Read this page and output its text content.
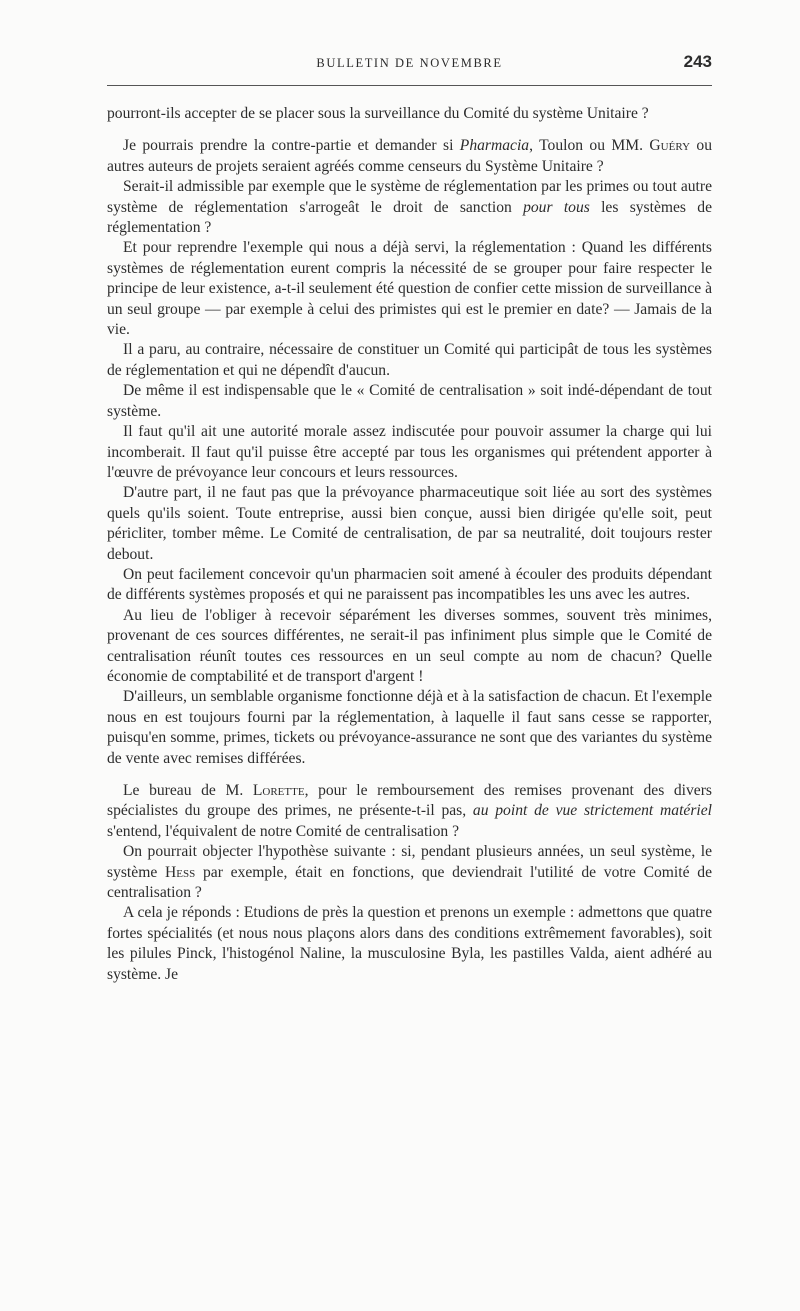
BULLETIN DE NOVEMBRE	243

pourront-ils accepter de se placer sous la surveillance du Comité du système Unitaire ?

Je pourrais prendre la contre-partie et demander si Pharmacia, Toulon ou MM. Guéry ou autres auteurs de projets seraient agréés comme censeurs du Système Unitaire ?

Serait-il admissible par exemple que le système de réglementation par les primes ou tout autre système de réglementation s'arrogeât le droit de sanction pour tous les systèmes de réglementation ?

Et pour reprendre l'exemple qui nous a déjà servi, la réglementation : Quand les différents systèmes de réglementation eurent compris la nécessité de se grouper pour faire respecter le principe de leur existence, a-t-il seulement été question de confier cette mission de surveillance à un seul groupe — par exemple à celui des primistes qui est le premier en date? — Jamais de la vie.

Il a paru, au contraire, nécessaire de constituer un Comité qui participât de tous les systèmes de réglementation et qui ne dépendît d'aucun.

De même il est indispensable que le « Comité de centralisation » soit indé-dépendant de tout système.

Il faut qu'il ait une autorité morale assez indiscutée pour pouvoir assumer la charge qui lui incomberait. Il faut qu'il puisse être accepté par tous les organismes qui prétendent apporter à l'œuvre de prévoyance leur concours et leurs ressources.

D'autre part, il ne faut pas que la prévoyance pharmaceutique soit liée au sort des systèmes quels qu'ils soient. Toute entreprise, aussi bien conçue, aussi bien dirigée qu'elle soit, peut péricliter, tomber même. Le Comité de centralisation, de par sa neutralité, doit toujours rester debout.

On peut facilement concevoir qu'un pharmacien soit amené à écouler des produits dépendant de différents systèmes proposés et qui ne paraissent pas incompatibles les uns avec les autres.

Au lieu de l'obliger à recevoir séparément les diverses sommes, souvent très minimes, provenant de ces sources différentes, ne serait-il pas infiniment plus simple que le Comité de centralisation réunît toutes ces ressources en un seul compte au nom de chacun? Quelle économie de comptabilité et de transport d'argent !

D'ailleurs, un semblable organisme fonctionne déjà et à la satisfaction de chacun. Et l'exemple nous en est toujours fourni par la réglementation, à laquelle il faut sans cesse se rapporter, puisqu'en somme, primes, tickets ou prévoyance-assurance ne sont que des variantes du système de vente avec remises différées.

Le bureau de M. Lorette, pour le remboursement des remises provenant des divers spécialistes du groupe des primes, ne présente-t-il pas, au point de vue strictement matériel s'entend, l'équivalent de notre Comité de centralisation ?

On pourrait objecter l'hypothèse suivante : si, pendant plusieurs années, un seul système, le système Hess par exemple, était en fonctions, que deviendrait l'utilité de votre Comité de centralisation ?

A cela je réponds : Etudions de près la question et prenons un exemple : admettons que quatre fortes spécialités (et nous nous plaçons alors dans des conditions extrêmement favorables), soit les pilules Pinck, l'histogénol Naline, la musculosine Byla, les pastilles Valda, aient adhéré au système. Je
